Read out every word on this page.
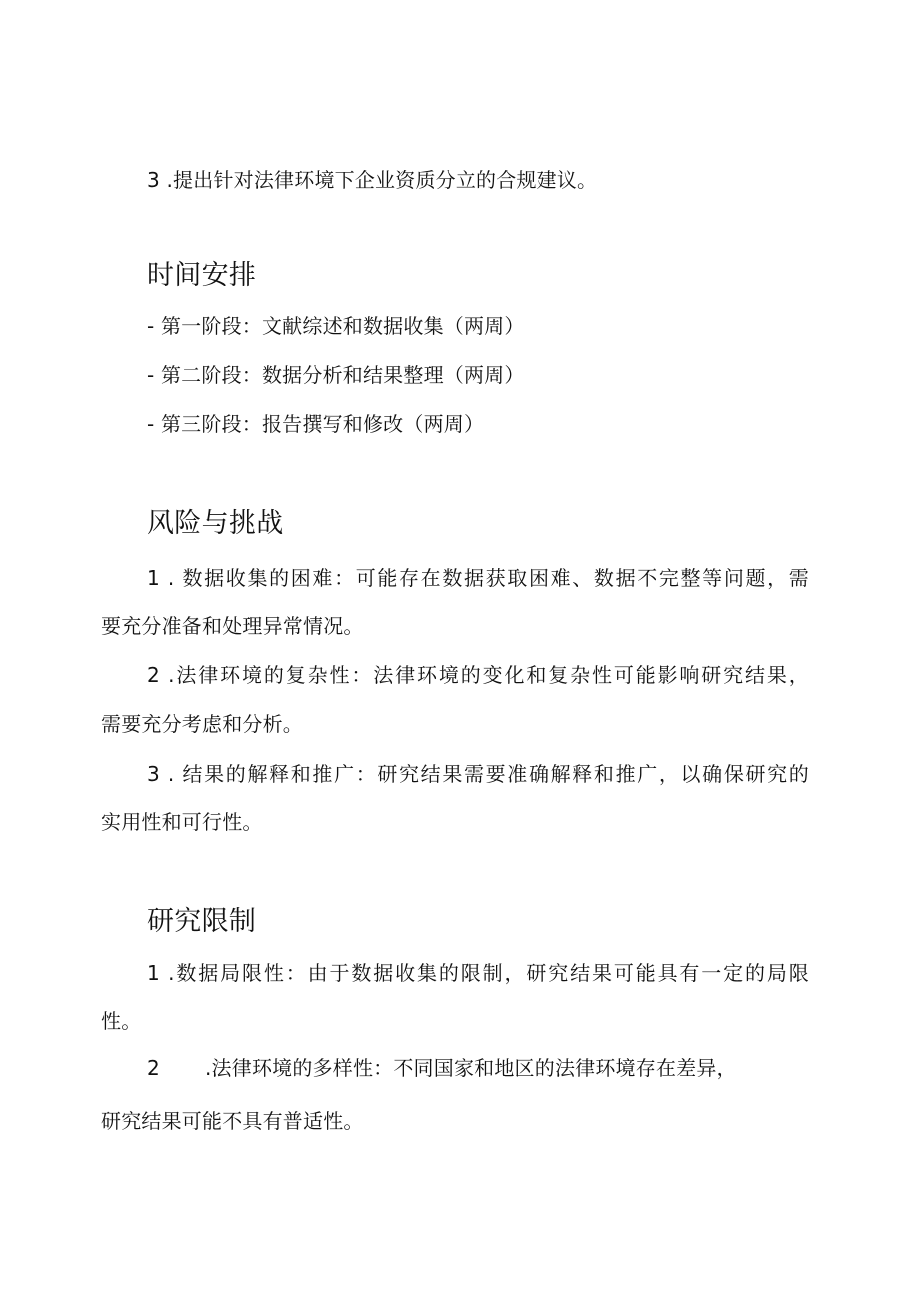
3 .提出针对法律环境下企业资质分立的合规建议。
时间安排
- 第一阶段：文献综述和数据收集（两周）
- 第二阶段：数据分析和结果整理（两周）
- 第三阶段：报告撰写和修改（两周）
风险与挑战
1 . 数据收集的困难：可能存在数据获取困难、数据不完整等问题，需
要充分准备和处理异常情况。
2 .法律环境的复杂性：法律环境的变化和复杂性可能影响研究结果，
需要充分考虑和分析。
3 . 结果的解释和推广：研究结果需要准确解释和推广，以确保研究的
实用性和可行性。
研究限制
1 .数据局限性：由于数据收集的限制，研究结果可能具有一定的局限
性。
2 .法律环境的多样性：不同国家和地区的法律环境存在差异，
研究结果可能不具有普适性。
